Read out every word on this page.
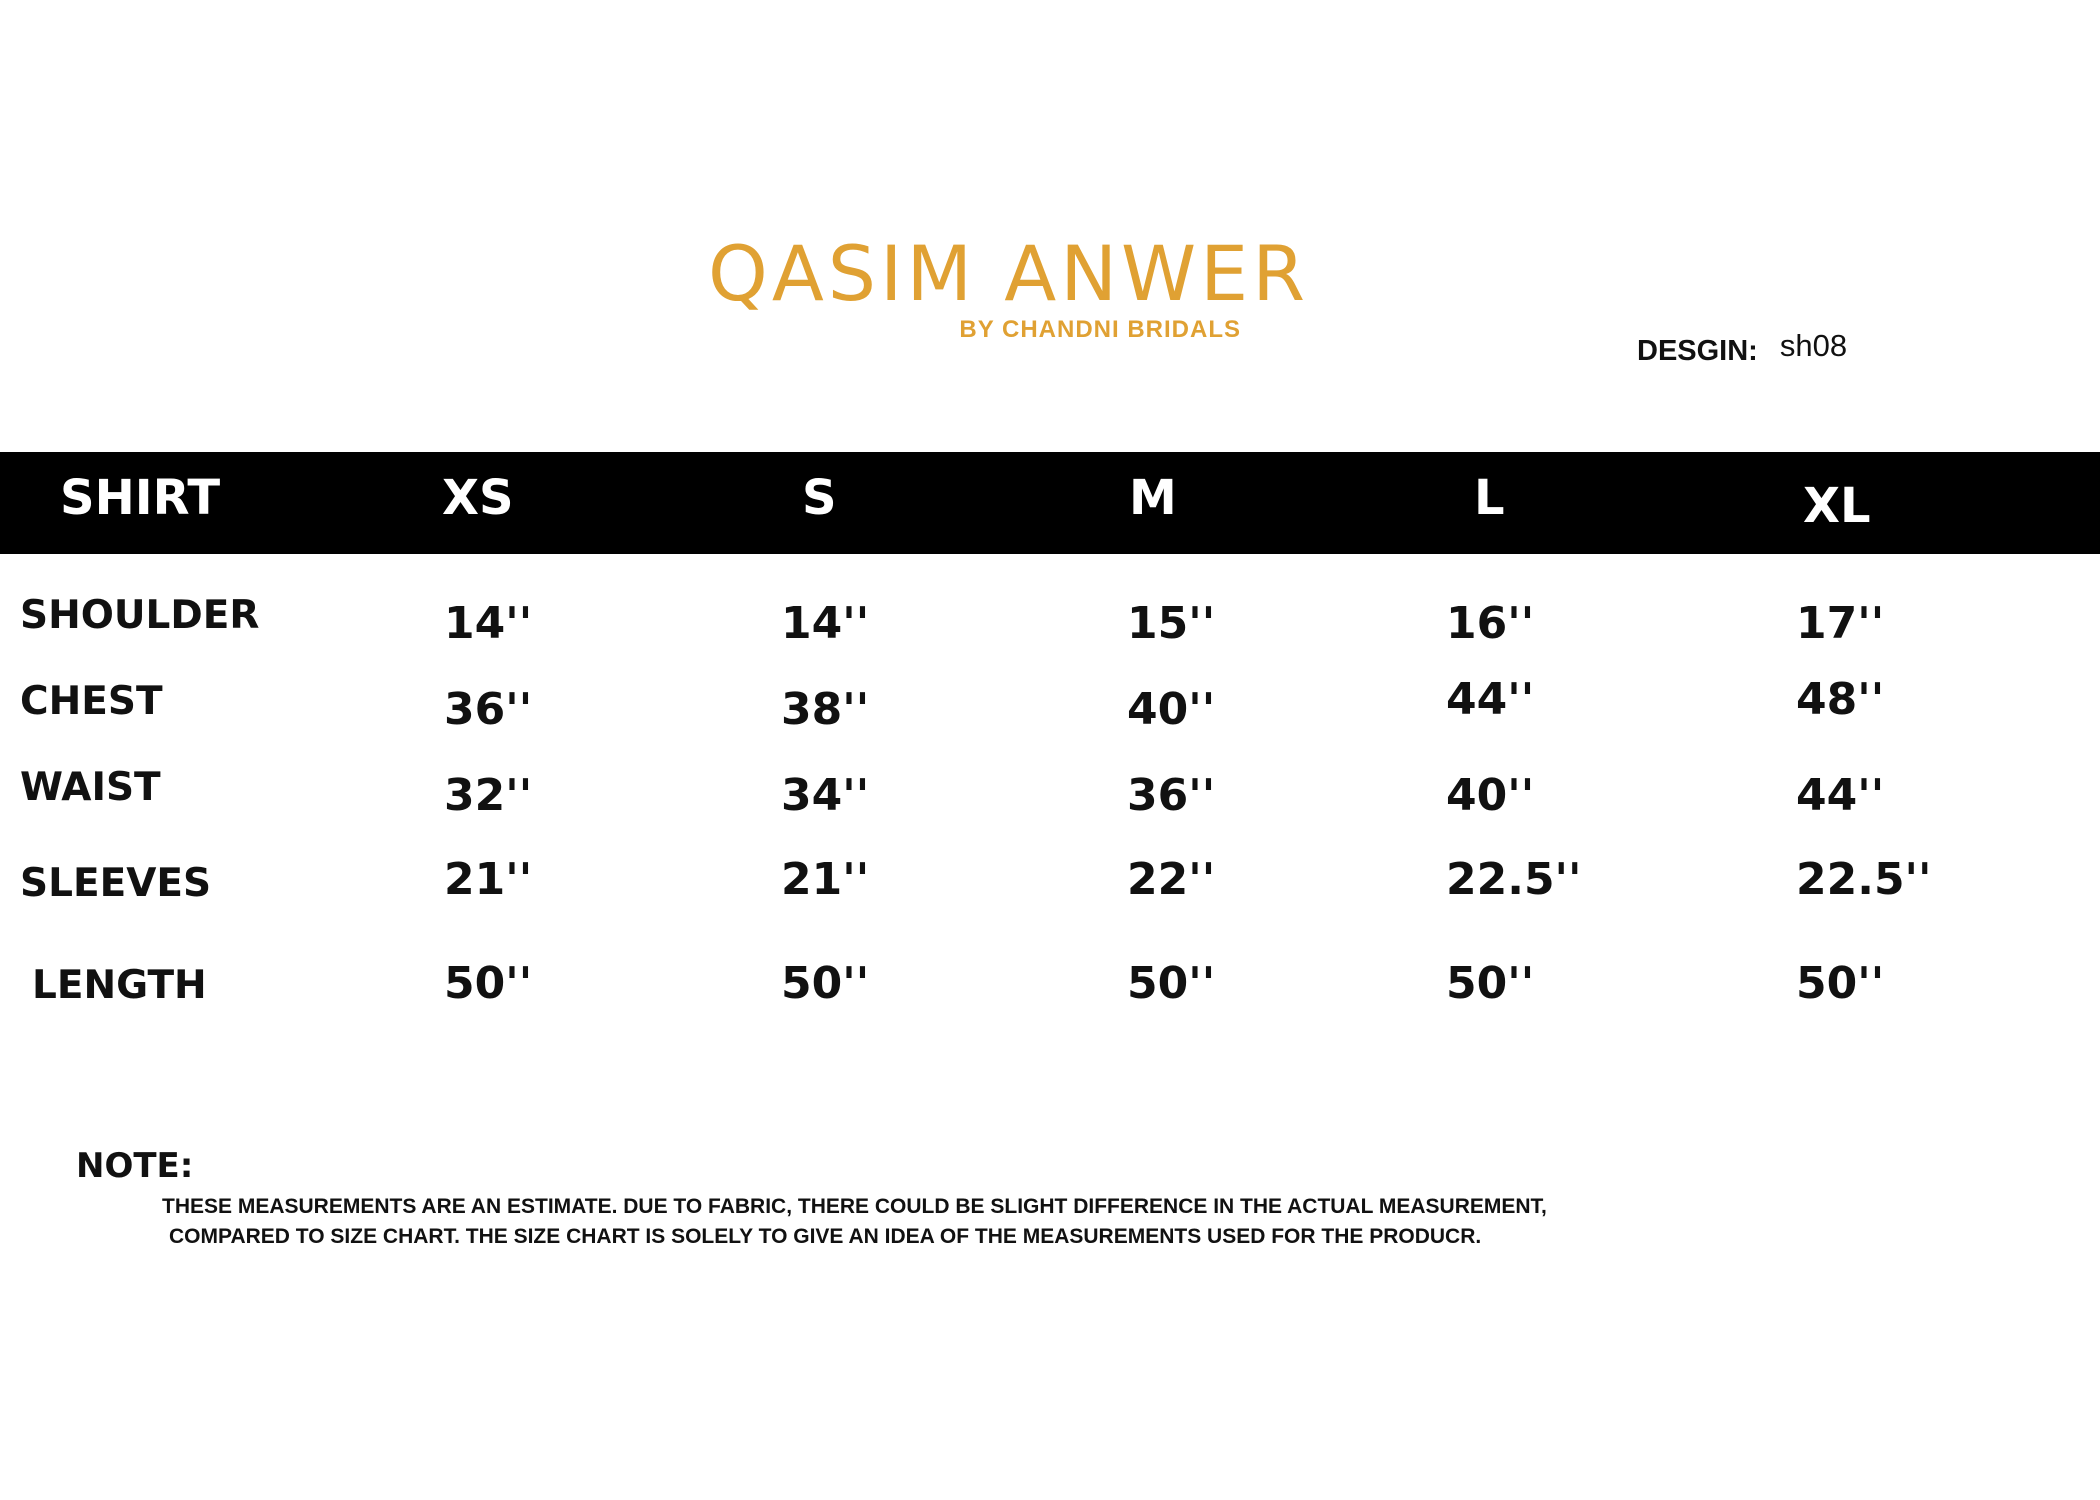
QASIM ANWER
BY CHANDNI BRIDALS
DESGIN: sh08
SHIRT	XS	S	M	L	XL
SHOULDER	14''	14''	15''	16''	17''
CHEST	36''	38''	40''	44''	48''
WAIST	32''	34''	36''	40''	44''
SLEEVES	21''	21''	22''	22.5''	22.5''
LENGTH	50''	50''	50''	50''	50''
NOTE:
THESE MEASUREMENTS ARE AN ESTIMATE. DUE TO FABRIC, THERE COULD BE SLIGHT DIFFERENCE IN THE ACTUAL MEASUREMENT,
COMPARED TO SIZE CHART. THE SIZE CHART IS SOLELY TO GIVE AN IDEA OF THE MEASUREMENTS USED FOR THE PRODUCR.
